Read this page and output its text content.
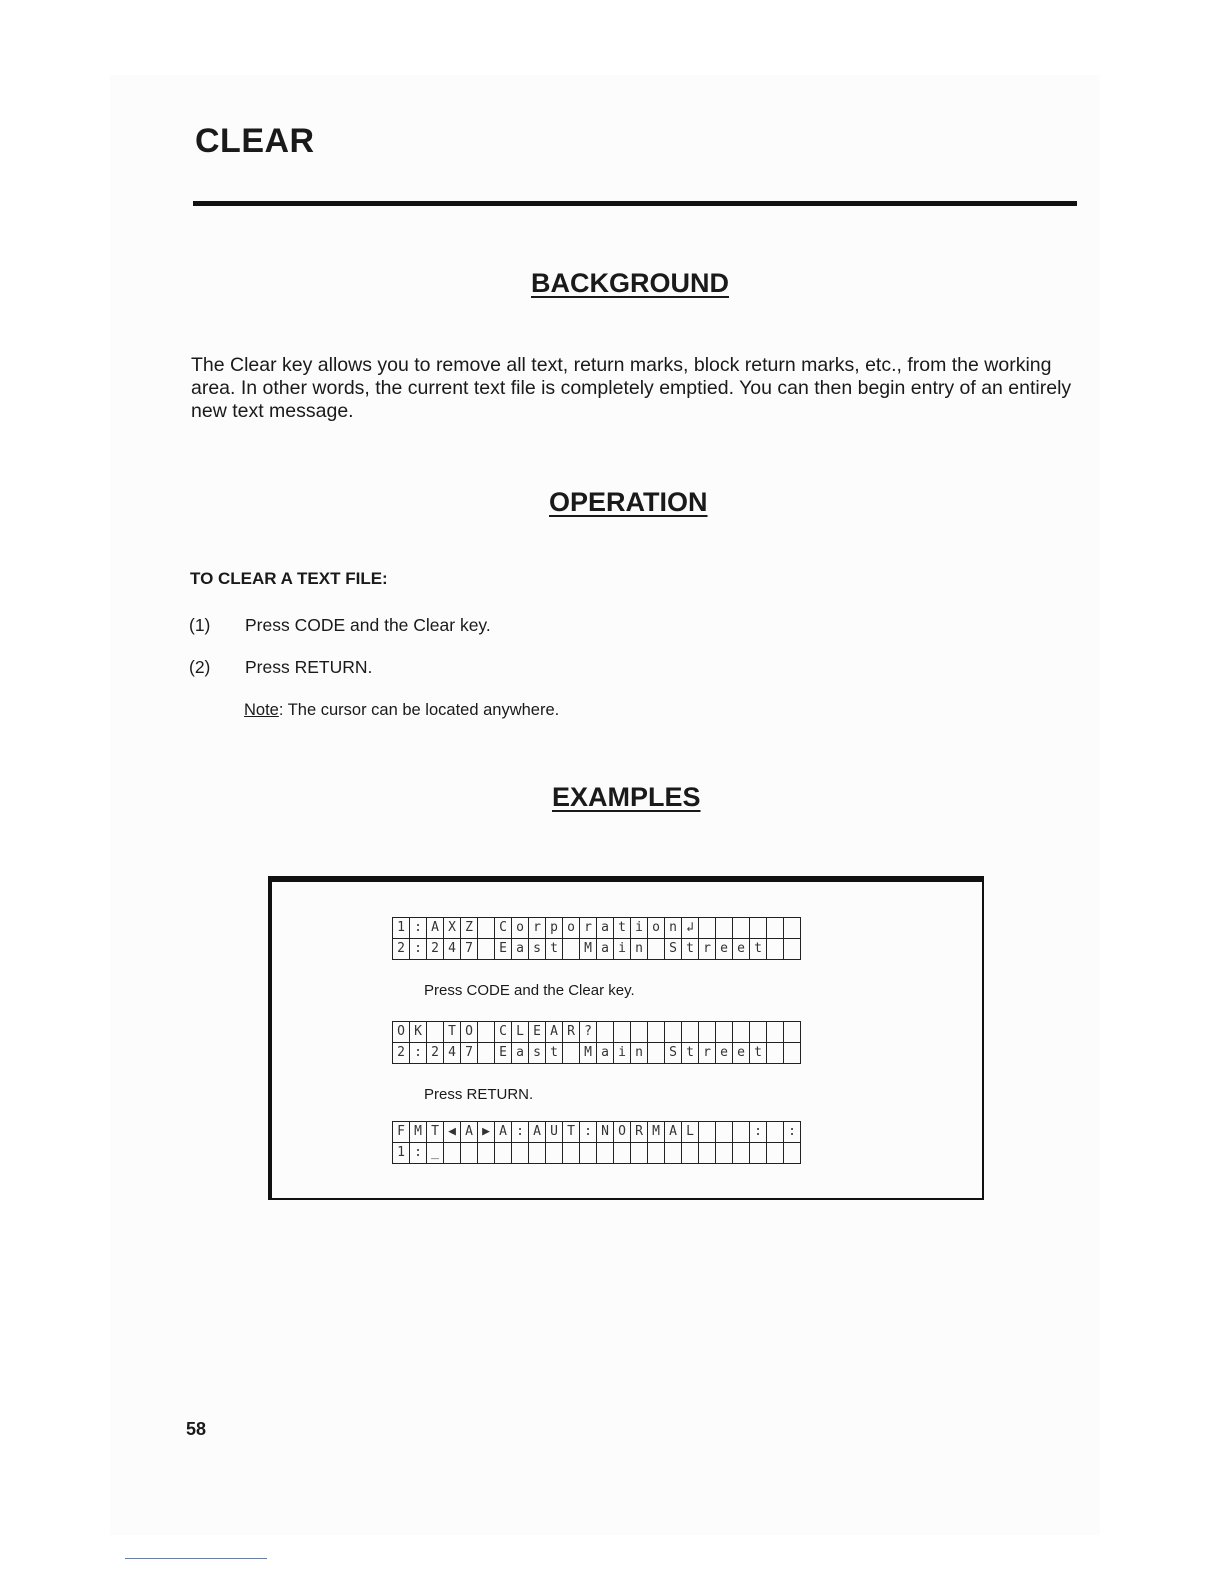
CLEAR
BACKGROUND
The Clear key allows you to remove all text, return marks, block return marks, etc., from the working area. In other words, the current text file is completely emptied. You can then begin entry of an entirely new text message.
OPERATION
TO CLEAR A TEXT FILE:
(1) Press CODE and the Clear key.
(2) Press RETURN.
Note: The cursor can be located anywhere.
EXAMPLES
1	:	A	X	Z		C	o	r	p	o	r	a	t	i	o	n	↲						
2	:	2	4	7		E	a	s	t		M	a	i	n		S	t	r	e	e	t		
Press CODE and the Clear key.
O	K		T	O		C	L	E	A	R	?												
2	:	2	4	7		E	a	s	t		M	a	i	n		S	t	r	e	e	t		
Press RETURN.
F	M	T	◀	A	▶	A	:	A	U	T	:	N	O	R	M	A	L				:		:
1	:	_																					
58
